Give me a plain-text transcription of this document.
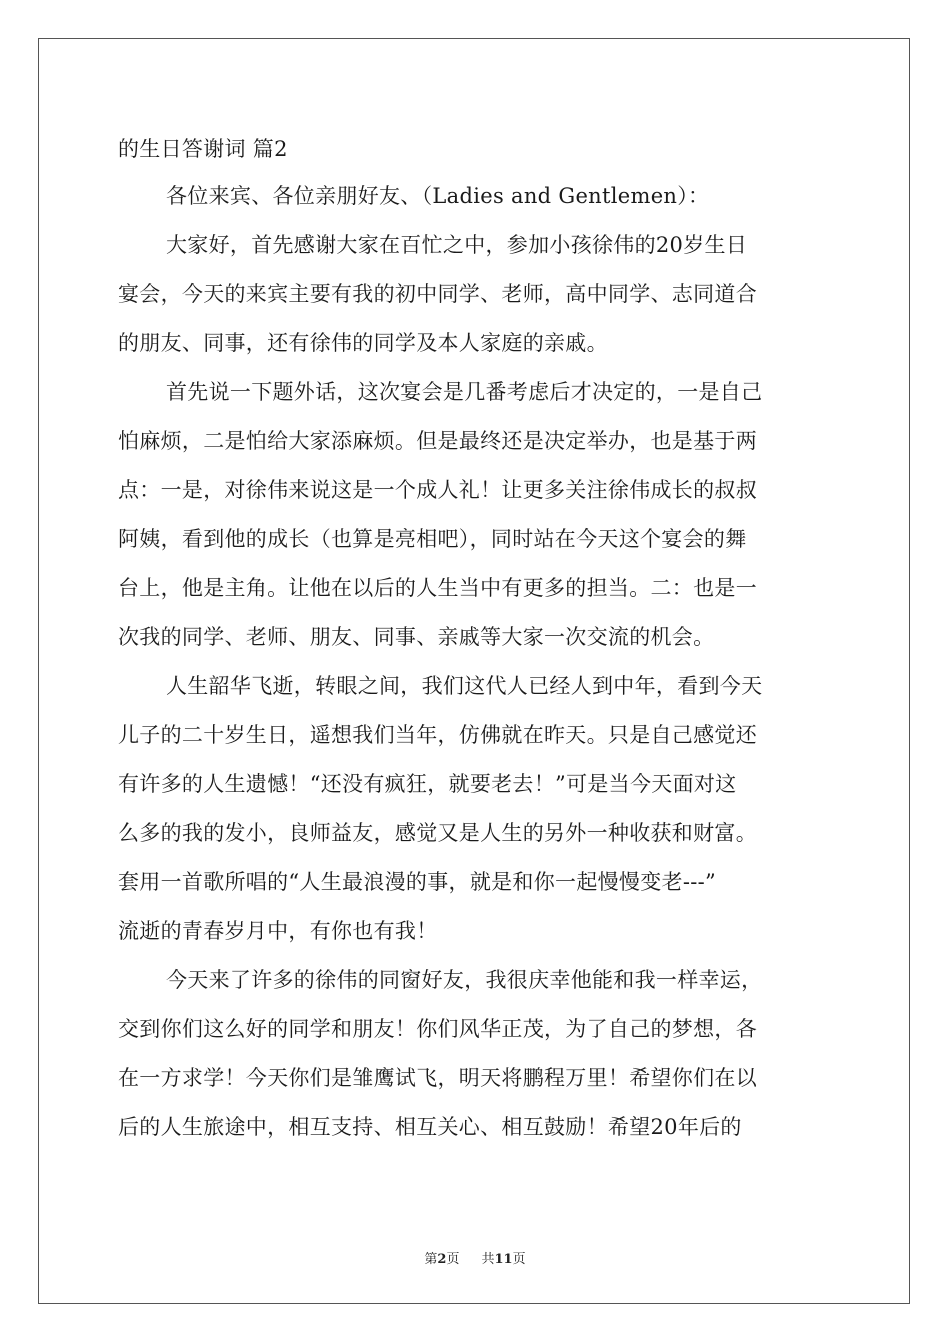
的生日答谢词 篇2
各位来宾、各位亲朋好友、（Ladies and Gentlemen）：
大家好，首先感谢大家在百忙之中，参加小孩徐伟的20岁生日
宴会，今天的来宾主要有我的初中同学、老师，高中同学、志同道合
的朋友、同事，还有徐伟的同学及本人家庭的亲戚。
首先说一下题外话，这次宴会是几番考虑后才决定的，一是自己
怕麻烦，二是怕给大家添麻烦。但是最终还是决定举办，也是基于两
点：一是，对徐伟来说这是一个成人礼！让更多关注徐伟成长的叔叔
阿姨，看到他的成长（也算是亮相吧），同时站在今天这个宴会的舞
台上，他是主角。让他在以后的人生当中有更多的担当。二：也是一
次我的同学、老师、朋友、同事、亲戚等大家一次交流的机会。
人生韶华飞逝，转眼之间，我们这代人已经人到中年，看到今天
儿子的二十岁生日，遥想我们当年，仿佛就在昨天。只是自己感觉还
有许多的人生遗憾！“还没有疯狂，就要老去！”可是当今天面对这
么多的我的发小，良师益友，感觉又是人生的另外一种收获和财富。
套用一首歌所唱的“人生最浪漫的事，就是和你一起慢慢变老---”
流逝的青春岁月中，有你也有我！
今天来了许多的徐伟的同窗好友，我很庆幸他能和我一样幸运，
交到你们这么好的同学和朋友！你们风华正茂，为了自己的梦想，各
在一方求学！今天你们是雏鹰试飞，明天将鹏程万里！希望你们在以
后的人生旅途中，相互支持、相互关心、相互鼓励！希望20年后的
第2页 共11页
